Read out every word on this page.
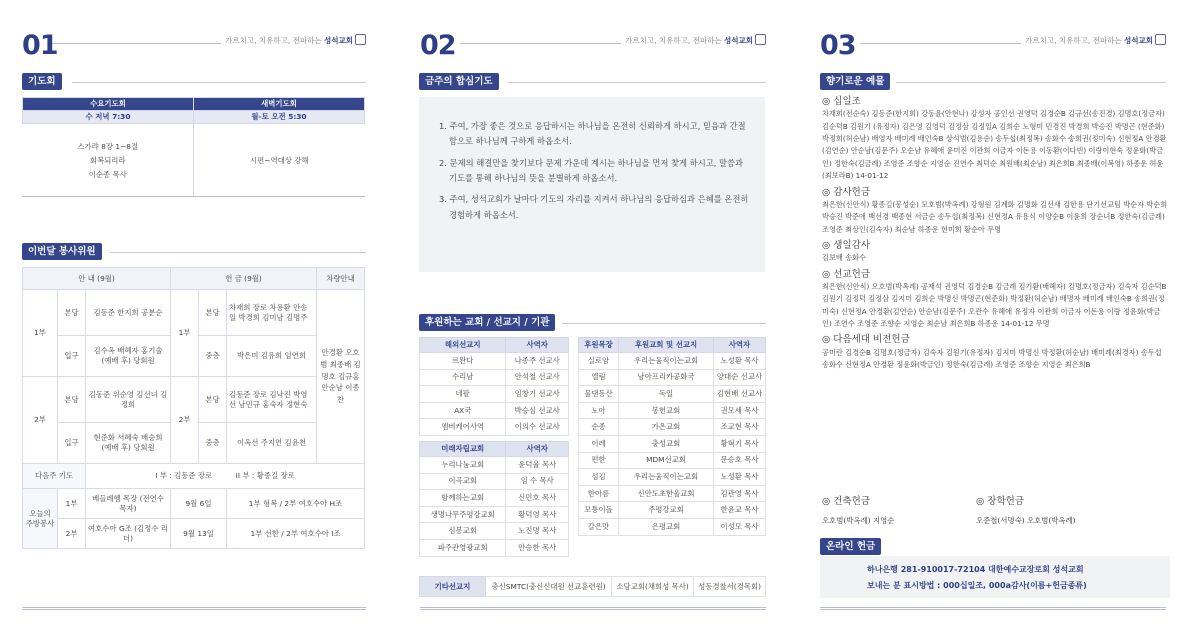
01	가르치고, 치유하고, 전파하는 성석교회
기도회
수요기도회	새벽기도회
수 저녁 7:30	월-토 오전 5:30

스가랴 8장 1~8절
회복되리라
이순종 목사	시편~역대상 강해
이번달 봉사위원
안 내 (9월)			헌 금 (9월)			차량안내
1부	본당	김동준 한지희 공분순	1부	본당	차재희 장로 차용환 안송일 박경희 김미남 김명주	안경환 오호범 최종배 김명호 김규홍 안순남 이종찬
	입구	김수옥 배혜자 홍기술 (예배 후) 당회원		중층	박은미 김유희 임연희	
2부	본당	김동준 위순영 김선녀 김정희	2부	본당	김동준 장로 김낙진 박영선 남민규 홍숙자 정현숙	
	입구	현준화 서혜숙 배승희 (예배 후) 당회원		중층	이옥선 주지연 김윤천	
다음주 기도		I 부 : 김동준 장로          II 부 : 황종길 장로				
오늘의 주방봉사	1부	베들레헴 목장 (전연수 목자)	9월 6일		1부 형복 / 2부 여호수아 H조	
	2부	여호수아 G조 (김정수 리더)	9월 13일		1부 선한 / 2부 여호수아 I조	
02	가르치고, 치유하고, 전파하는 성석교회
금주의 합심기도

1. 주여, 가장 좋은 것으로 응답하시는 하나님을 온전히 신뢰하게 하시고, 믿음과 간절함으로 하나님께 구하게 하옵소서.

2. 문제의 해결만을 찾기보다 문제 가운데 계시는 하나님을 먼저 찾게 하시고, 말씀과 기도를 통해 하나님의 뜻을 분별하게 하옵소서.

3. 주여, 성석교회가 날마다 기도의 자리를 지켜서 하나님의 응답하심과 은혜를 온전히 경험하게 하옵소서.

후원하는 교회 / 선교지 / 기관
해외선교지	사역자
르완다	나종주 선교사
수리남	안석철 선교사
네팔	임창기 선교사
AX국	박승심 선교사
엠버케어사역	이의수 선교사

미래자립교회	사역자
누리나눔교회	윤덕율 목사
이곡교회	임 수 목사
함께하는교회	신민호 목사
생명나무주평강교회	황덕영 목사
심봉교회	노진명 목사
파주관영광교회	안승한 목사
후원목장	후원교회 및 선교지	사역자
실로암	우리는움직이는교회	노성환 목사
엘림	남아프리카공화국	양대순 선교사
물댄동산	독일	김현배 선교사
노아	봉헌교회	권모세 목사
순종	가온교회	조교현 목사
이레	충성교회	황혁기 목사
편한	MDM선교회	문승호 목사
섬김	우리는움직이는교회	노성환 목사
한아름	신안도초한울교회	김관영 목사
모퉁이돌	주평강교회	한윤교 목사
갈은맛	은평교회	이성모 목사
기타선교지	충신SMTC(충신신대원 선교훈련원)	소담교회(채희성 목사)	성동경찰서(경목회)
03	가르치고, 치유하고, 전파하는 성석교회
향기로운 예물
◎ 십일조
차재희(전순숙) 김동준(한지희) 강동윤(안현나) 강성자 공인선 권영덕 김경순B 김규선(송진경) 김명호(정금자) 김순덕B 김원기 (유정자) 김은영 김영덕 김정삼 김정일A 김희순 노형미 민경진 박경희 박승진 박명곤 (현준화) 박정희(허순남) 배영자 배미례 배인숙B 상석범(김용순) 송두섭(최정복) 송화수 송희권(정미숙) 신현정A 안경환(김연순) 안순남(김문주) 오순남 유혜애 윤미진 이관희 이금자 이돈용 이동환(이다빈) 이랑이현숙 정윤화(박금인) 정한숙(김금례) 조영준 조향순 지영순 진연수 최덕순 최원배(최순남) 최은희B 최종배(이복영) 하종운 허윤(최보라B) 14-01-12
◎ 감사헌금
최은한(신안식) 황종길(봉성순) 모호범(박옥례) 강형원 김계화 김명화 김선새 김한용 단기선교팀 박순자 박순희 박승진 박준애 백선경 백종현 서금순 송두섭(최정복) 신현정A 유용식 이양순B 이윤희 장순녀B 정한숙(김금례) 조영준 최상인(김숙자) 최순남 하종운 현미희 황순아 무명
◎ 생일감사
김보배 송화수
◎ 선교헌금
최은한(신안식) 오호범(박옥례) 공재석 권영덕 김경순B 김금례 김기환(배혜자) 김명호(정금자) 김숙자 김순덕B 김원기 김정덕 김정삼 김지미 김희순 박명신 박명곤(현준화) 박정환(허순남) 배명자 배미례 배인숙B 송희권(정미숙) 신현정A 안경환(김연순) 안순남(김문주) 오관수 유혜애 유정자 이관희 이금자 이돈용 이랑 정윤화(박금인) 조연수 조영준 조향순 지영순 최순남 최은희B 하종운 14-01-12 무명
◎ 다음세대 비전헌금
공미란 김경순B 김명호(정금자) 김숙자 김원기(유정자) 김지미 박명신 박정환(허순남) 배미례(최경자) 송두섭 송화수 신현정A 안경환 정윤화(박금인) 정한숙(김금례) 조영준 조향순 지영순 최은희B
◎ 건축헌금
오호범(박옥례) 지영순
◎ 장학헌금
오준철(서명숙) 오호범(박옥례)
하나은행 281-910017-72104 대한예수교장로회 성석교회
보내는 분 표시방법 : 000십일조, 000a감사(이름+헌금종류)
온라인 헌금
